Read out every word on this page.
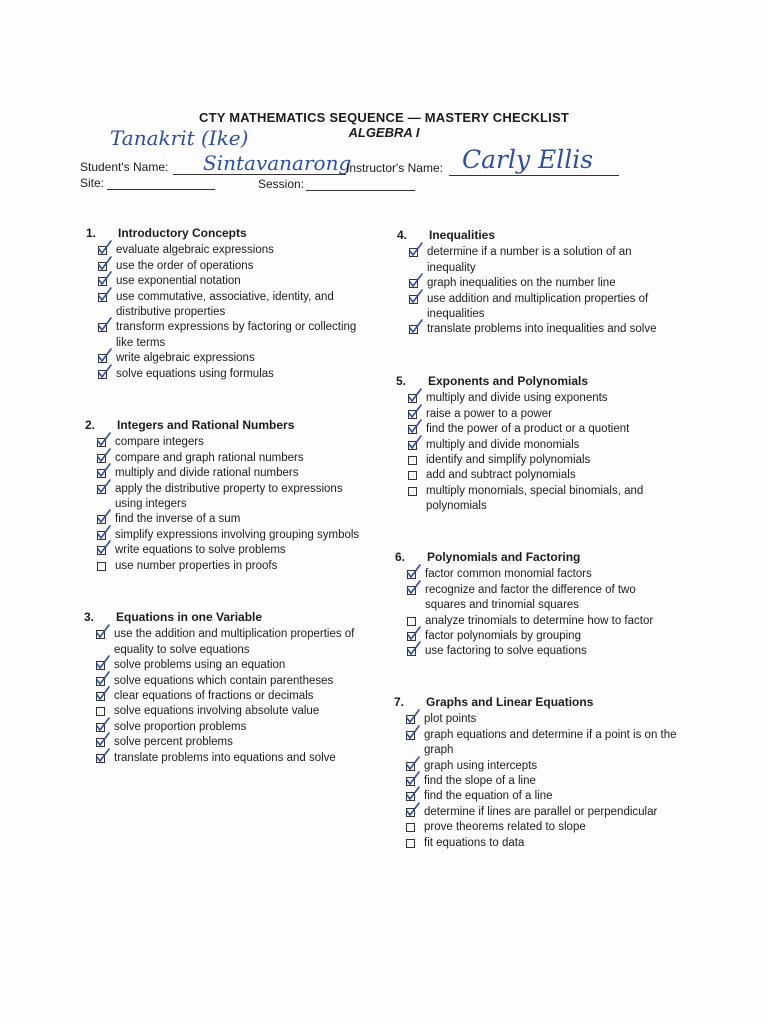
CTY MATHEMATICS SEQUENCE — MASTERY CHECKLIST
ALGEBRA I
Tanakrit (Ike)
Student's Name: Sintavanarong
Instructor's Name: Carly Ellis
Site:	Session:
1.	Introductory Concepts
evaluate algebraic expressions
use the order of operations
use exponential notation
use commutative, associative, identity, and distributive properties
transform expressions by factoring or collecting like terms
write algebraic expressions
solve equations using formulas
2.	Integers and Rational Numbers
compare integers
compare and graph rational numbers
multiply and divide rational numbers
apply the distributive property to expressions using integers
find the inverse of a sum
simplify expressions involving grouping symbols
write equations to solve problems
use number properties in proofs
3.	Equations in one Variable
use the addition and multiplication properties of equality to solve equations
solve problems using an equation
solve equations which contain parentheses
clear equations of fractions or decimals
solve equations involving absolute value
solve proportion problems
solve percent problems
translate problems into equations and solve
4.	Inequalities
determine if a number is a solution of an inequality
graph inequalities on the number line
use addition and multiplication properties of inequalities
translate problems into inequalities and solve
5.	Exponents and Polynomials
multiply and divide using exponents
raise a power to a power
find the power of a product or a quotient
multiply and divide monomials
identify and simplify polynomials
add and subtract polynomials
multiply monomials, special binomials, and polynomials
6.	Polynomials and Factoring
factor common monomial factors
recognize and factor the difference of two squares and trinomial squares
analyze trinomials to determine how to factor
factor polynomials by grouping
use factoring to solve equations
7.	Graphs and Linear Equations
plot points
graph equations and determine if a point is on the graph
graph using intercepts
find the slope of a line
find the equation of a line
determine if lines are parallel or perpendicular
prove theorems related to slope
fit equations to data
